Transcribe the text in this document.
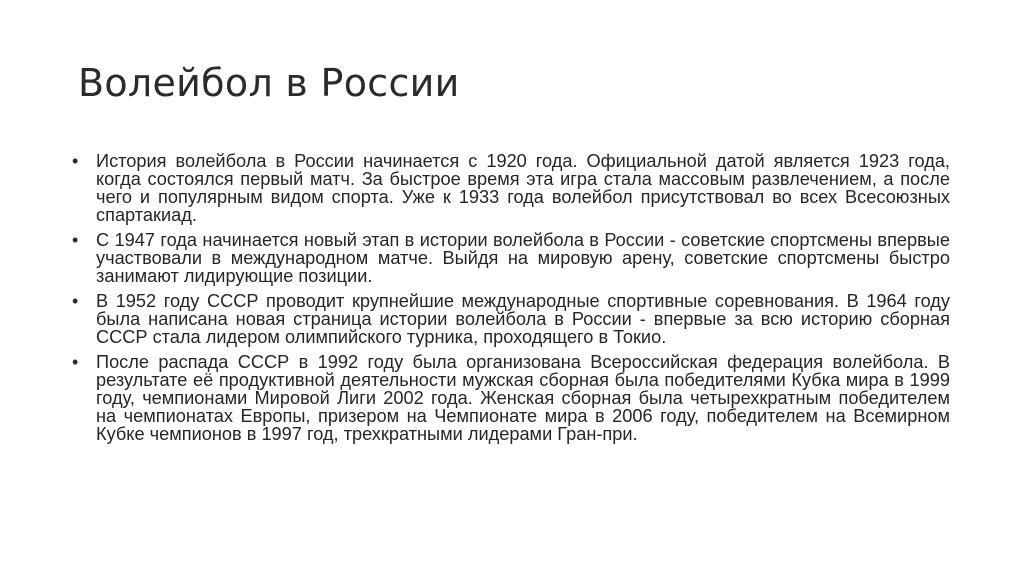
Волейбол в России
• История волейбола в России начинается с 1920 года. Официальной датой является 1923 года, когда состоялся первый матч. За быстрое время эта игра стала массовым развлечением, а после чего и популярным видом спорта. Уже к 1933 года волейбол присутствовал во всех Всесоюзных спартакиад.
• С 1947 года начинается новый этап в истории волейбола в России - советские спортсмены впервые участвовали в международном матче. Выйдя на мировую арену, советские спортсмены быстро занимают лидирующие позиции.
• В 1952 году СССР проводит крупнейшие международные спортивные соревнования. В 1964 году была написана новая страница истории волейбола в России - впервые за всю историю сборная СССР стала лидером олимпийского турника, проходящего в Токио.
• После распада СССР в 1992 году была организована Всероссийская федерация волейбола. В результате её продуктивной деятельности мужская сборная была победителями Кубка мира в 1999 году, чемпионами Мировой Лиги 2002 года. Женская сборная была четырехкратным победителем на чемпионатах Европы, призером на Чемпионате мира в 2006 году, победителем на Всемирном Кубке чемпионов в 1997 год, трехкратными лидерами Гран-при.
